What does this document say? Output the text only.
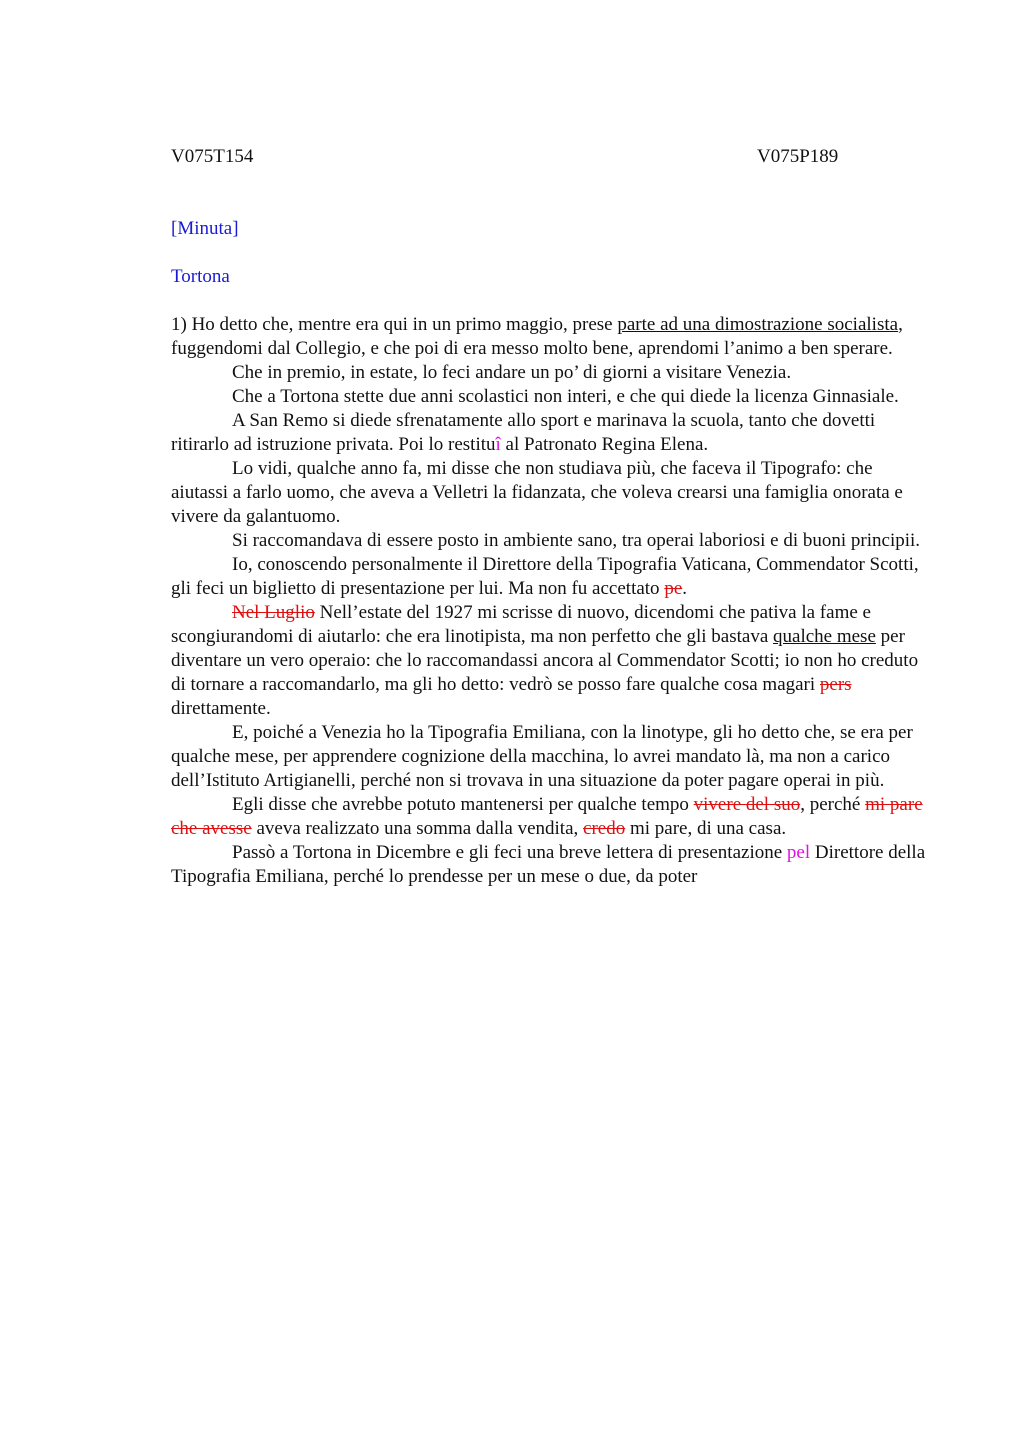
V075T154	V075P189
[Minuta]
Tortona

1) Ho detto che, mentre era qui in un primo maggio, prese parte ad una dimostrazione socialista, fuggendomi dal Collegio, e che poi di era messo molto bene, aprendomi l’animo a ben sperare.

Che in premio, in estate, lo feci andare un po’ di giorni a visitare Venezia.

Che a Tortona stette due anni scolastici non interi, e che qui diede la licenza Ginnasiale.

A San Remo si diede sfrenatamente allo sport e marinava la scuola, tanto che dovetti ritirarlo ad istruzione privata. Poi lo restituî al Patronato Regina Elena.

Lo vidi, qualche anno fa, mi disse che non studiava più, che faceva il Tipografo: che aiutassi a farlo uomo, che aveva a Velletri la fidanzata, che voleva crearsi una famiglia onorata e vivere da galantuomo.

Si raccomandava di essere posto in ambiente sano, tra operai laboriosi e di buoni principii.

Io, conoscendo personalmente il Direttore della Tipografia Vaticana, Commendator Scotti, gli feci un biglietto di presentazione per lui. Ma non fu accettato pe.

Nel Luglio Nell’estate del 1927 mi scrisse di nuovo, dicendomi che pativa la fame e scongiurandomi di aiutarlo: che era linotipista, ma non perfetto che gli bastava qualche mese per diventare un vero operaio: che lo raccomandassi ancora al Commendator Scotti; io non ho creduto di tornare a raccomandarlo, ma gli ho detto: vedrò se posso fare qualche cosa magari pers direttamente.

E, poiché a Venezia ho la Tipografia Emiliana, con la linotype, gli ho detto che, se era per qualche mese, per apprendere cognizione della macchina, lo avrei mandato là, ma non a carico dell’Istituto Artigianelli, perché non si trovava in una situazione da poter pagare operai in più.

Egli disse che avrebbe potuto mantenersi per qualche tempo vivere del suo, perché mi pare che avesse aveva realizzato una somma dalla vendita, credo mi pare, di una casa.

Passò a Tortona in Dicembre e gli feci una breve lettera di presentazione pel Direttore della Tipografia Emiliana, perché lo prendesse per un mese o due, da poter
